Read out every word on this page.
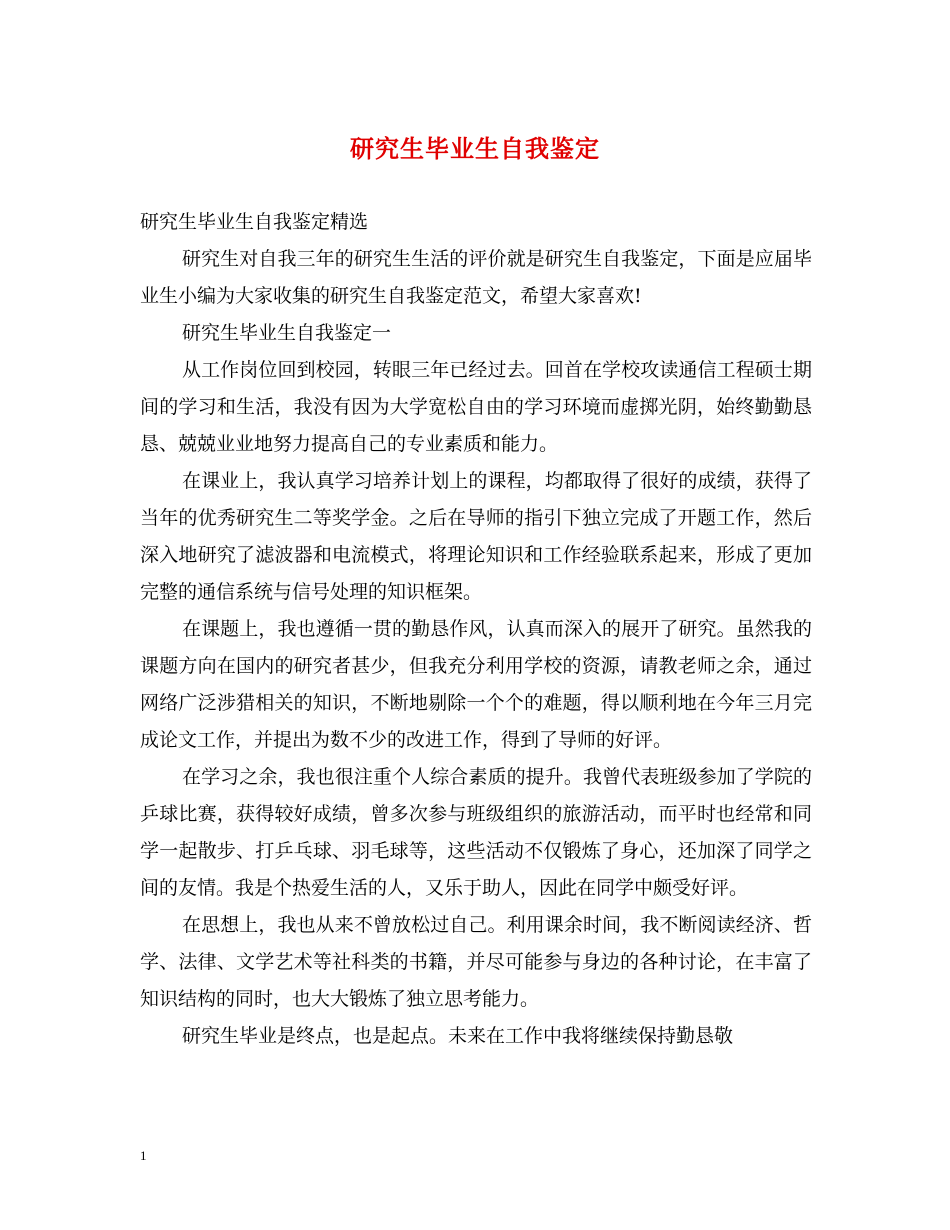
研究生毕业生自我鉴定

研究生毕业生自我鉴定精选

研究生对自我三年的研究生生活的评价就是研究生自我鉴定，下面是应届毕业生小编为大家收集的研究生自我鉴定范文，希望大家喜欢!

研究生毕业生自我鉴定一

从工作岗位回到校园，转眼三年已经过去。回首在学校攻读通信工程硕士期间的学习和生活，我没有因为大学宽松自由的学习环境而虚掷光阴，始终勤勤恳恳、兢兢业业地努力提高自己的专业素质和能力。

在课业上，我认真学习培养计划上的课程，均都取得了很好的成绩，获得了当年的优秀研究生二等奖学金。之后在导师的指引下独立完成了开题工作，然后深入地研究了滤波器和电流模式，将理论知识和工作经验联系起来，形成了更加完整的通信系统与信号处理的知识框架。

在课题上，我也遵循一贯的勤恳作风，认真而深入的展开了研究。虽然我的课题方向在国内的研究者甚少，但我充分利用学校的资源，请教老师之余，通过网络广泛涉猎相关的知识，不断地剔除一个个的难题，得以顺利地在今年三月完成论文工作，并提出为数不少的改进工作，得到了导师的好评。

在学习之余，我也很注重个人综合素质的提升。我曾代表班级参加了学院的乒球比赛，获得较好成绩，曾多次参与班级组织的旅游活动，而平时也经常和同学一起散步、打乒乓球、羽毛球等，这些活动不仅锻炼了身心，还加深了同学之间的友情。我是个热爱生活的人，又乐于助人，因此在同学中颇受好评。

在思想上，我也从来不曾放松过自己。利用课余时间，我不断阅读经济、哲学、法律、文学艺术等社科类的书籍，并尽可能参与身边的各种讨论，在丰富了知识结构的同时，也大大锻炼了独立思考能力。

研究生毕业是终点，也是起点。未来在工作中我将继续保持勤恳敬

1
